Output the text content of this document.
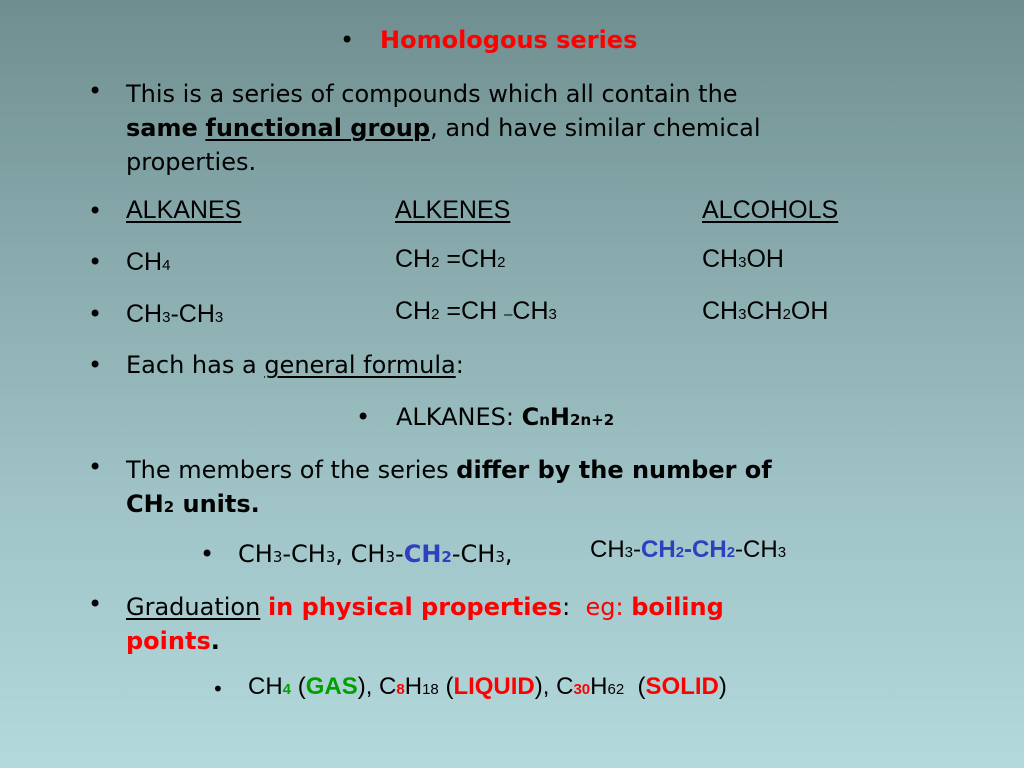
• Homologous series
• This is a series of compounds which all contain the
same functional group, and have similar chemical
properties.
• ALKANES	ALKENES	ALCOHOLS
• CH4	CH2 =CH2	CH3OH
• CH3-CH3	CH2 =CH –CH3	CH3CH2OH
• Each has a general formula:
• ALKANES: CnH2n+2
• The members of the series differ by the number of
CH2 units.
• CH3-CH3, CH3-CH2-CH3,	CH3-CH2-CH2-CH3
• Graduation in physical properties: eg: boiling
points.
• CH4 (GAS), C8H18 (LIQUID), C30H62 (SOLID)
